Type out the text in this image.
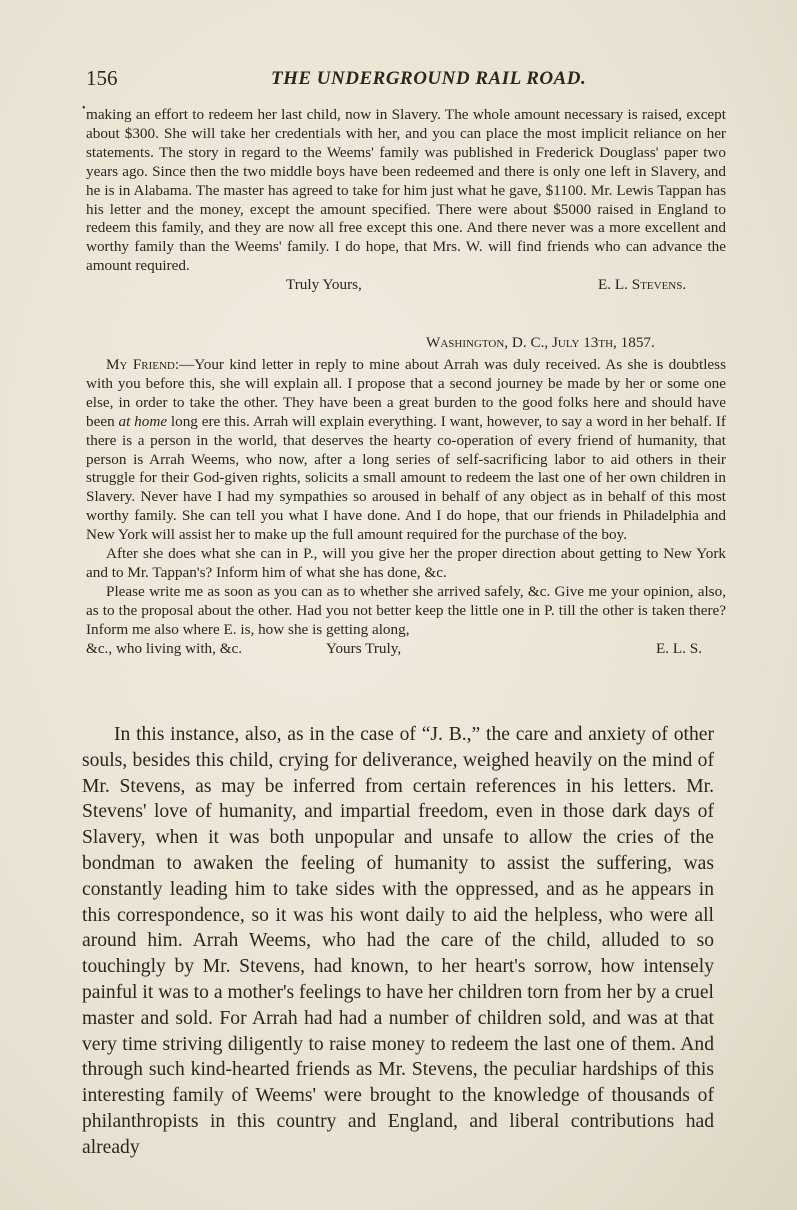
156	THE UNDERGROUND RAIL ROAD.
• making an effort to redeem her last child, now in Slavery. The whole amount necessary is raised, except about $300. She will take her credentials with her, and you can place the most implicit reliance on her statements. The story in regard to the Weems' family was published in Frederick Douglass' paper two years ago. Since then the two middle boys have been redeemed and there is only one left in Slavery, and he is in Alabama. The master has agreed to take for him just what he gave, $1100. Mr. Lewis Tappan has his letter and the money, except the amount specified. There were about $5000 raised in England to redeem this family, and they are now all free except this one. And there never was a more excellent and worthy family than the Weems' family. I do hope, that Mrs. W. will find friends who can advance the amount required.

Truly Yours,	E. L. Stevens.
Washington, D. C., July 13th, 1857.

My Friend:—Your kind letter in reply to mine about Arrah was duly received. As she is doubtless with you before this, she will explain all. I propose that a second journey be made by her or some one else, in order to take the other. They have been a great burden to the good folks here and should have been at home long ere this. Arrah will explain everything. I want, however, to say a word in her behalf. If there is a person in the world, that deserves the hearty co-operation of every friend of humanity, that person is Arrah Weems, who now, after a long series of self-sacrificing labor to aid others in their struggle for their God-given rights, solicits a small amount to redeem the last one of her own children in Slavery. Never have I had my sympathies so aroused in behalf of any object as in behalf of this most worthy family. She can tell you what I have done. And I do hope, that our friends in Philadelphia and New York will assist her to make up the full amount required for the purchase of the boy.

After she does what she can in P., will you give her the proper direction about getting to New York and to Mr. Tappan's? Inform him of what she has done, &c.

Please write me as soon as you can as to whether she arrived safely, &c. Give me your opinion, also, as to the proposal about the other. Had you not better keep the little one in P. till the other is taken there? Inform me also where E. is, how she is getting along,

&c., who living with, &c.	Yours Truly,	E. L. S.

In this instance, also, as in the case of “J. B.,” the care and anxiety of other souls, besides this child, crying for deliverance, weighed heavily on the mind of Mr. Stevens, as may be inferred from certain references in his letters. Mr. Stevens' love of humanity, and impartial freedom, even in those dark days of Slavery, when it was both unpopular and unsafe to allow the cries of the bondman to awaken the feeling of humanity to assist the suffering, was constantly leading him to take sides with the oppressed, and as he appears in this correspondence, so it was his wont daily to aid the helpless, who were all around him. Arrah Weems, who had the care of the child, alluded to so touchingly by Mr. Stevens, had known, to her heart's sorrow, how intensely painful it was to a mother's feelings to have her children torn from her by a cruel master and sold. For Arrah had had a number of children sold, and was at that very time striving diligently to raise money to redeem the last one of them. And through such kind-hearted friends as Mr. Stevens, the peculiar hardships of this interesting family of Weems' were brought to the knowledge of thousands of philanthropists in this country and England, and liberal contributions had already
